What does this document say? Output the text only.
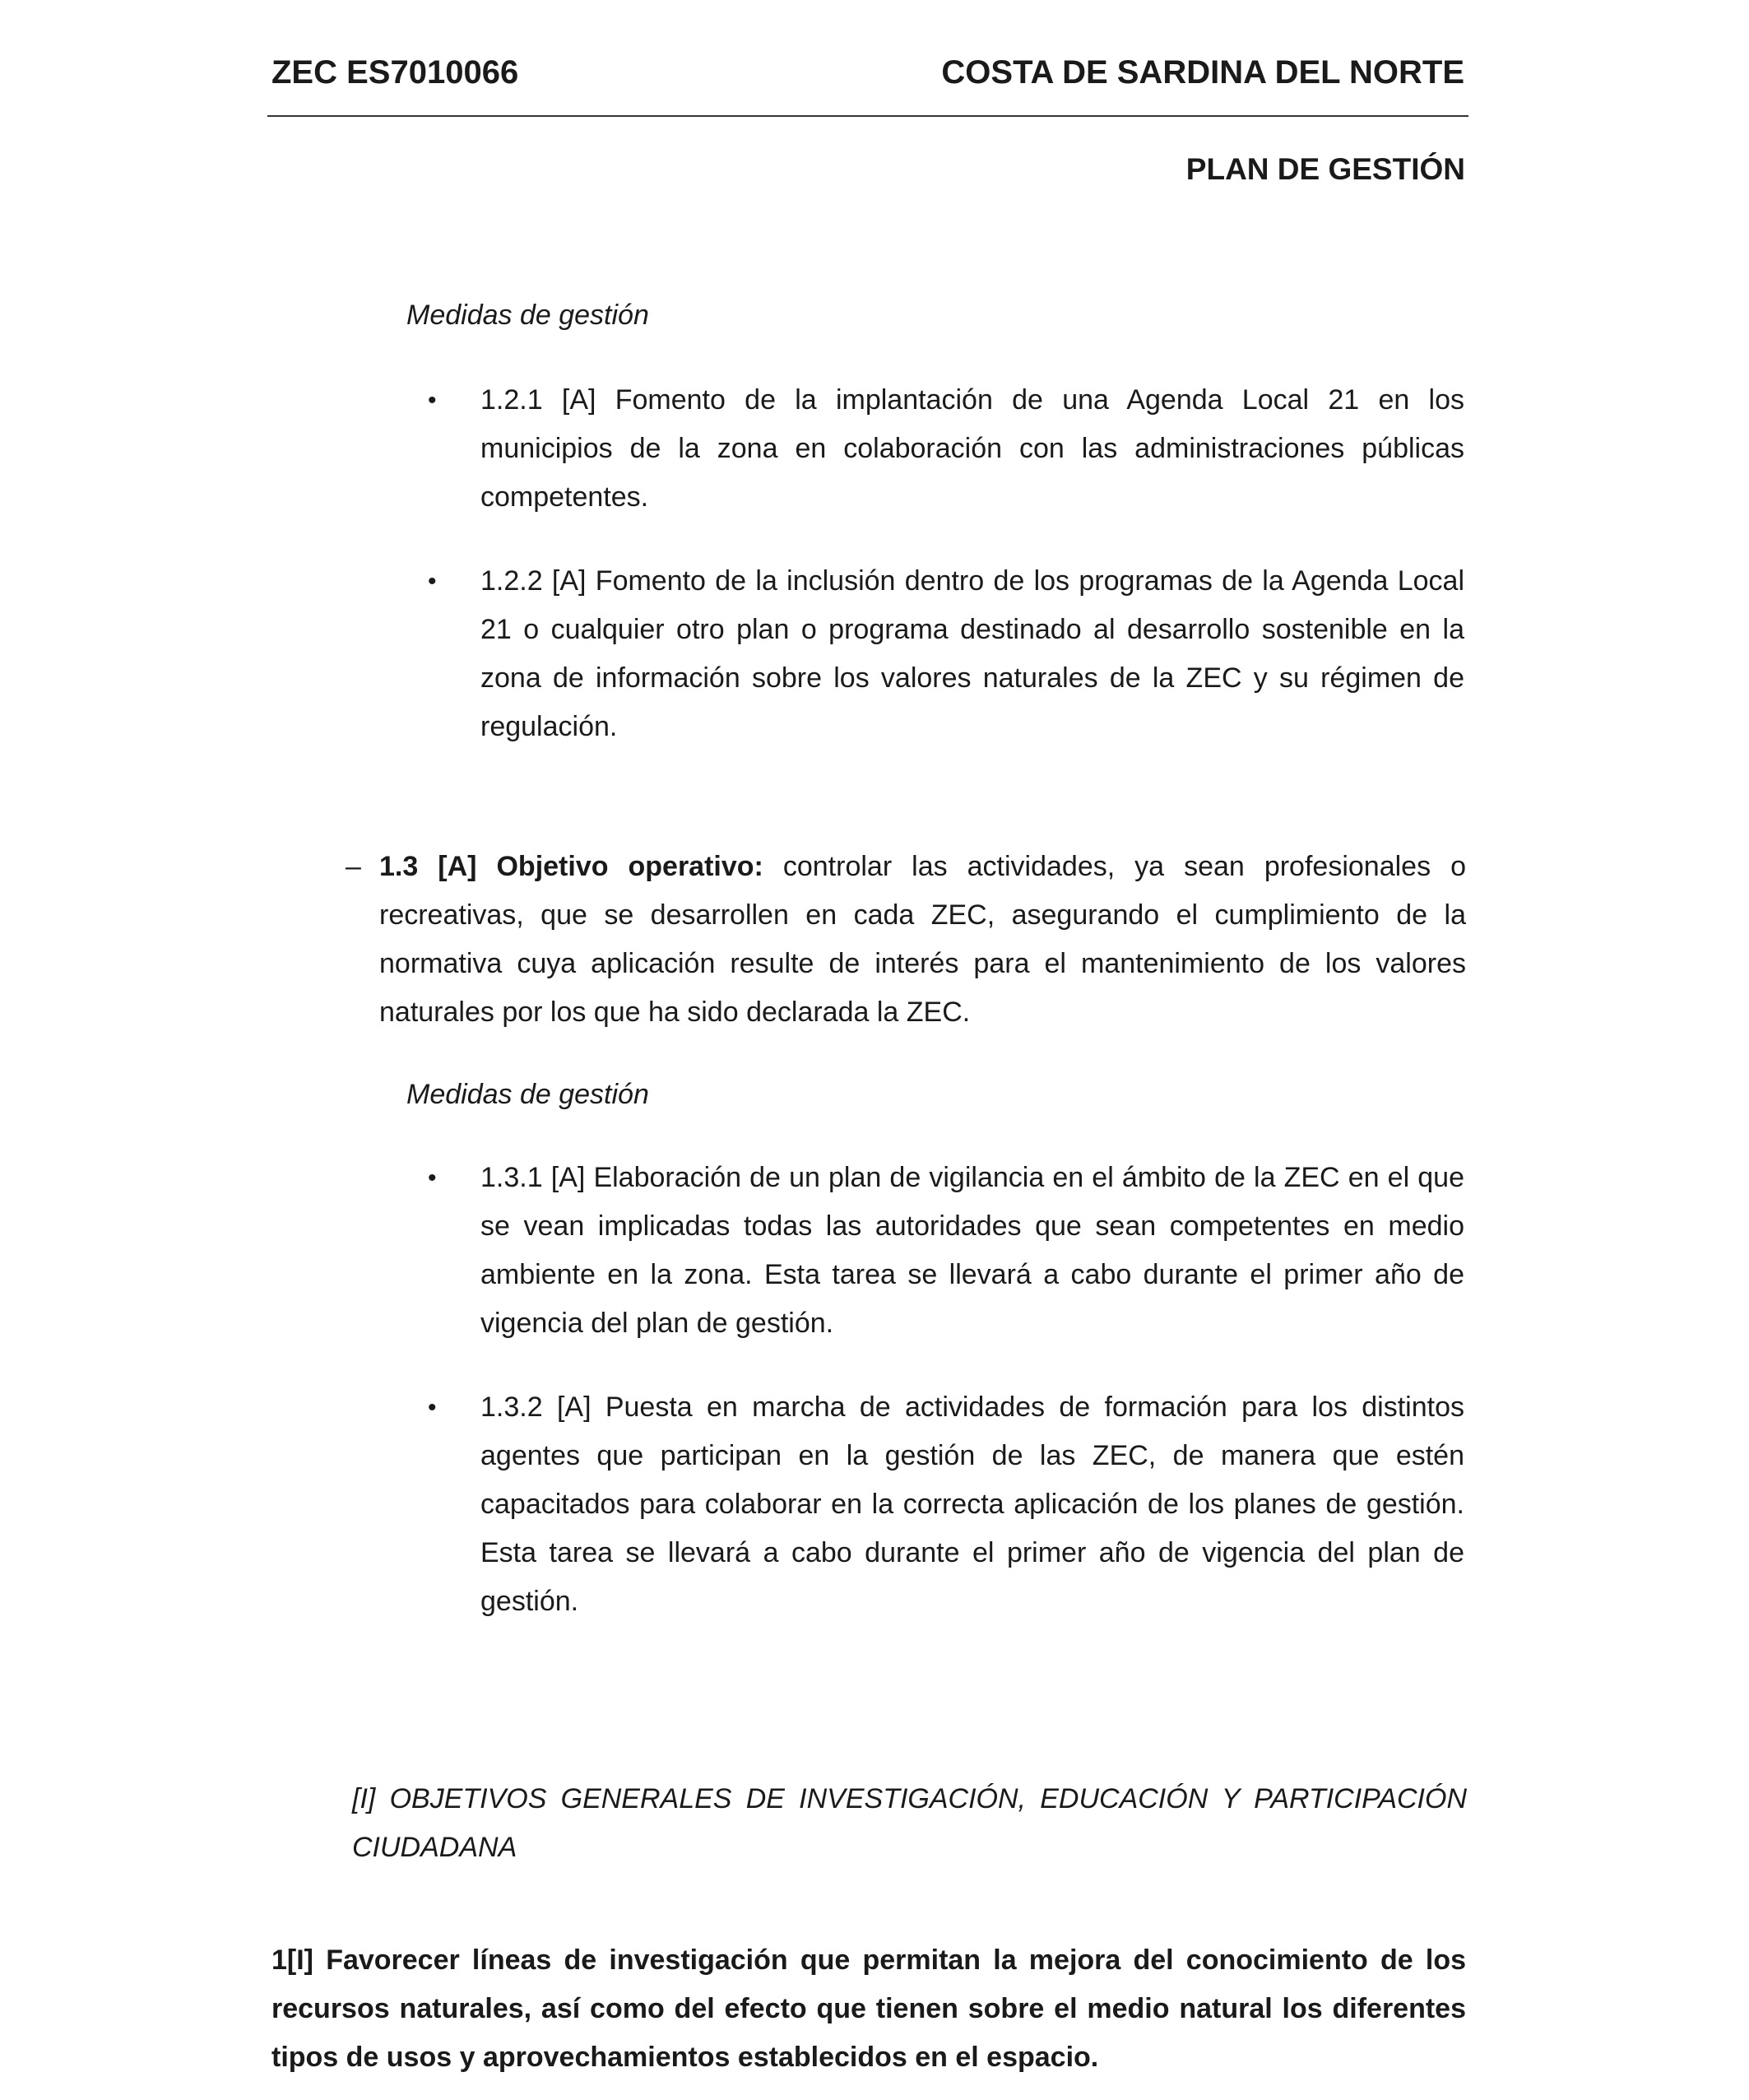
ZEC ES7010066	COSTA DE SARDINA DEL NORTE
PLAN DE GESTIÓN
Medidas de gestión
• 1.2.1 [A] Fomento de la implantación de una Agenda Local 21 en los municipios de la zona en colaboración con las administraciones públicas competentes.
• 1.2.2 [A] Fomento de la inclusión dentro de los programas de la Agenda Local 21 o cualquier otro plan o programa destinado al desarrollo sostenible en la zona de información sobre los valores naturales de la ZEC y su régimen de regulación.
– 1.3 [A] Objetivo operativo: controlar las actividades, ya sean profesionales o recreativas, que se desarrollen en cada ZEC, asegurando el cumplimiento de la normativa cuya aplicación resulte de interés para el mantenimiento de los valores naturales por los que ha sido declarada la ZEC.
Medidas de gestión
• 1.3.1 [A] Elaboración de un plan de vigilancia en el ámbito de la ZEC en el que se vean implicadas todas las autoridades que sean competentes en medio ambiente en la zona. Esta tarea se llevará a cabo durante el primer año de vigencia del plan de gestión.
• 1.3.2 [A] Puesta en marcha de actividades de formación para los distintos agentes que participan en la gestión de las ZEC, de manera que estén capacitados para colaborar en la correcta aplicación de los planes de gestión. Esta tarea se llevará a cabo durante el primer año de vigencia del plan de gestión.
[I] OBJETIVOS GENERALES DE INVESTIGACIÓN, EDUCACIÓN Y PARTICIPACIÓN CIUDADANA
1[I] Favorecer líneas de investigación que permitan la mejora del conocimiento de los recursos naturales, así como del efecto que tienen sobre el medio natural los diferentes tipos de usos y aprovechamientos establecidos en el espacio.
